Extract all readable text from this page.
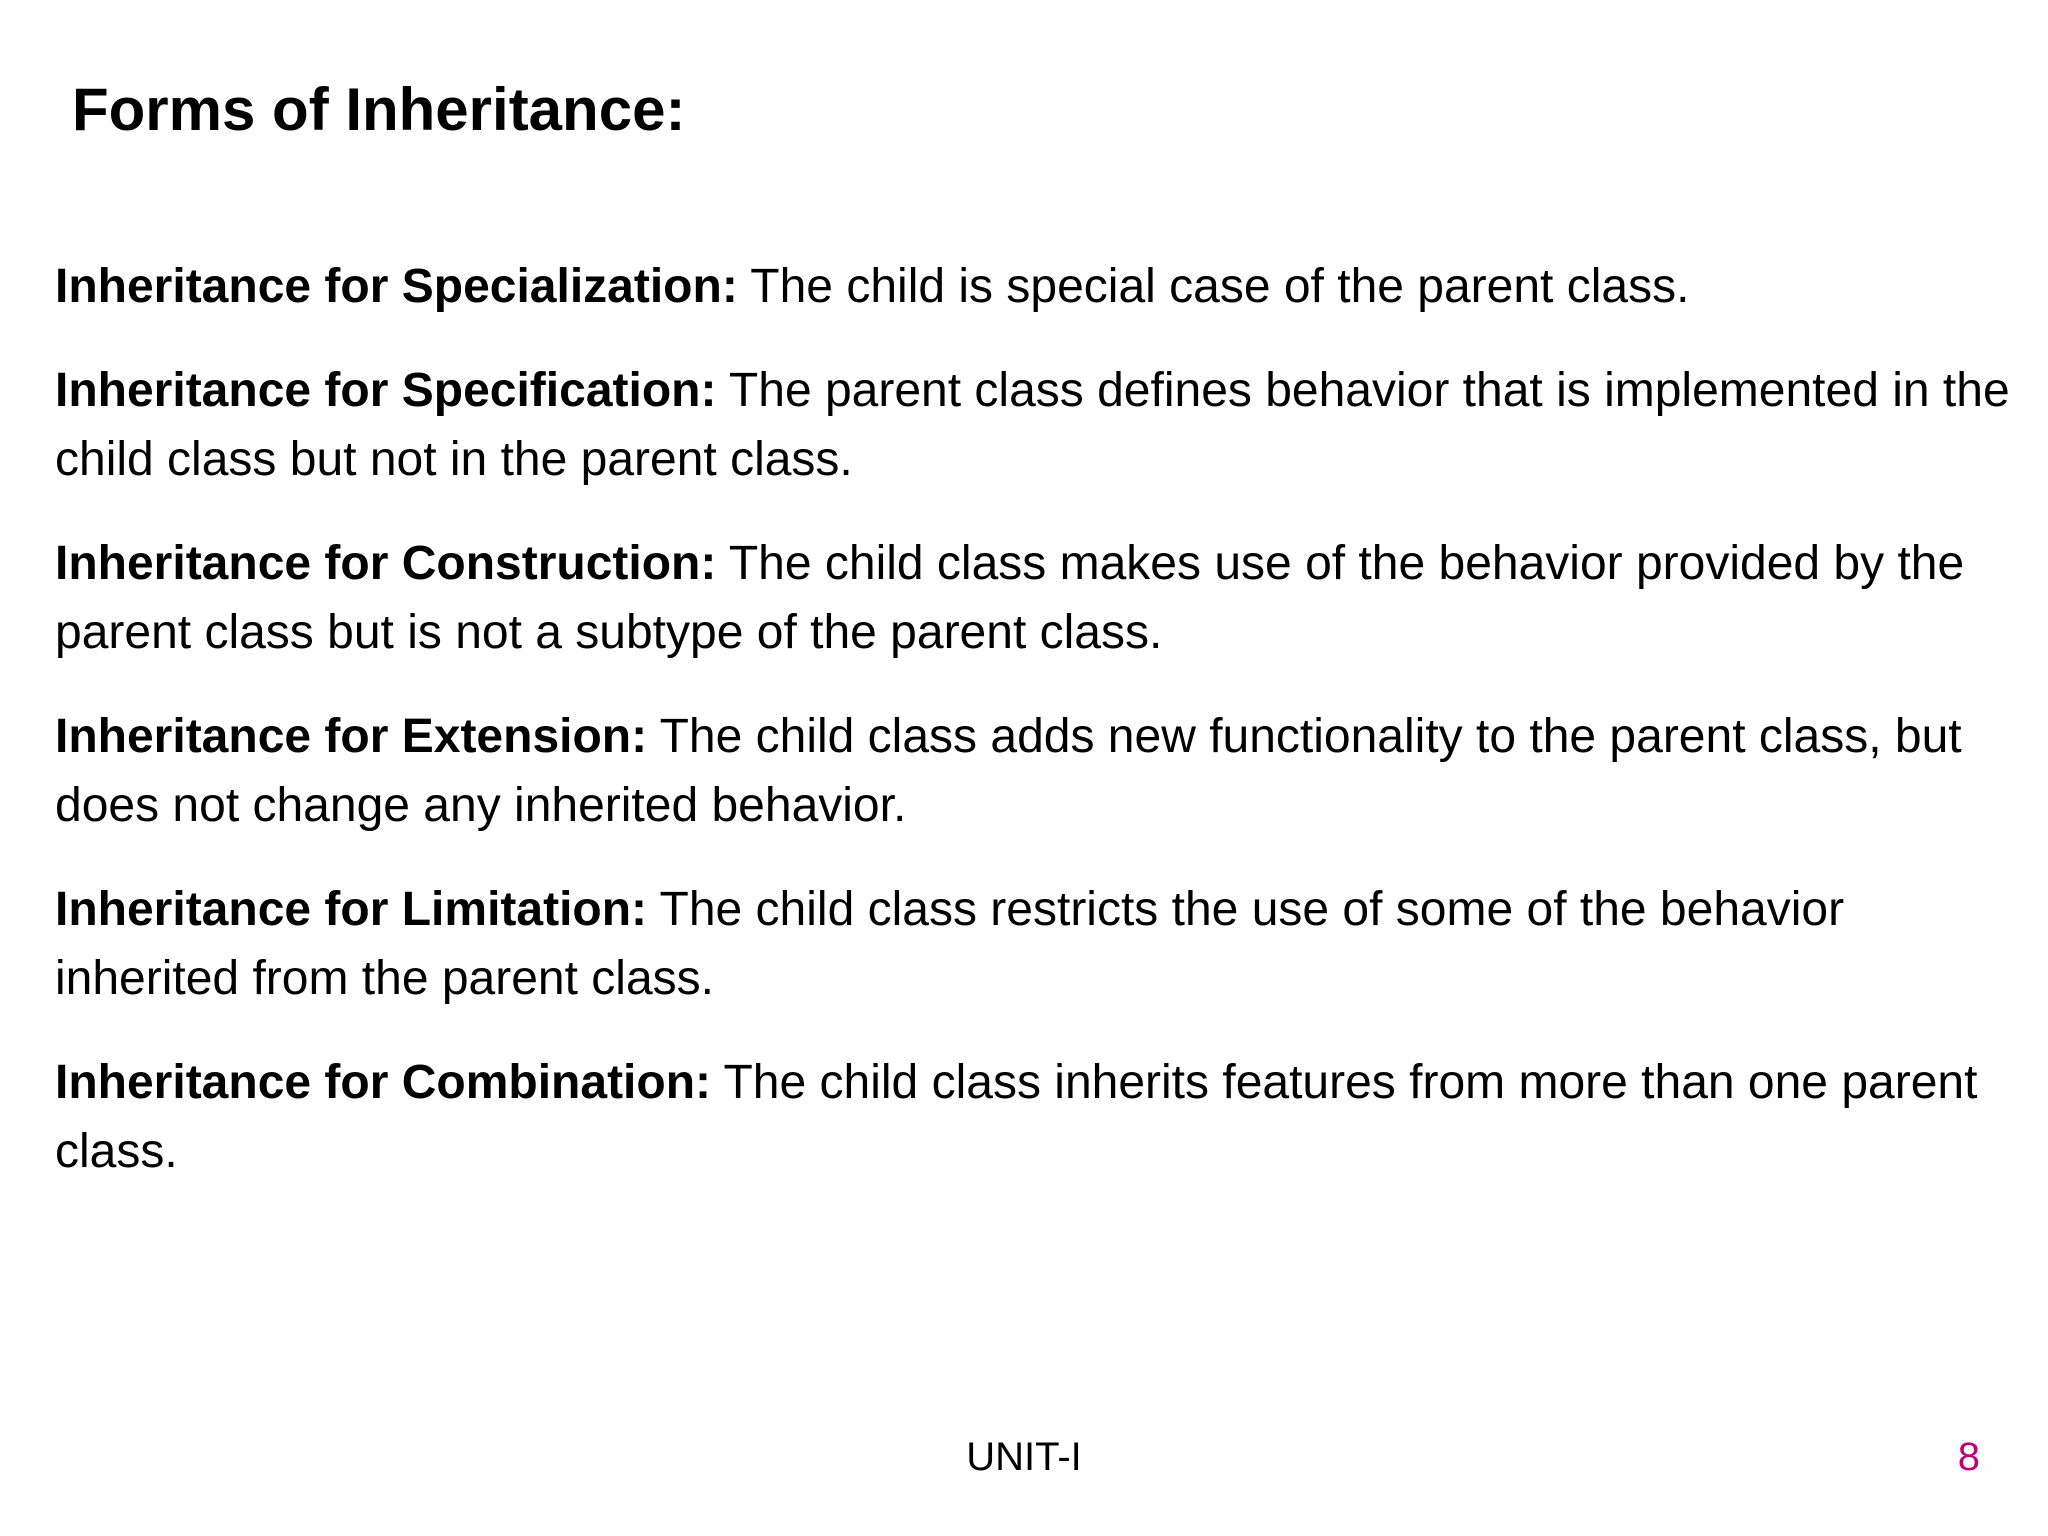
Forms of Inheritance:

Inheritance for Specialization: The child is special case of the parent class.

Inheritance for Specification: The parent class defines behavior that is implemented in the child class but not in the parent class.

Inheritance for Construction: The child class makes use of the behavior provided by the parent class but is not a subtype of the parent class.

Inheritance for Extension: The child class adds new functionality to the parent class, but does not change any inherited behavior.

Inheritance for Limitation: The child class restricts the use of some of the behavior inherited from the parent class.

Inheritance for Combination: The child class inherits features from more than one parent class.

UNIT-I	8
